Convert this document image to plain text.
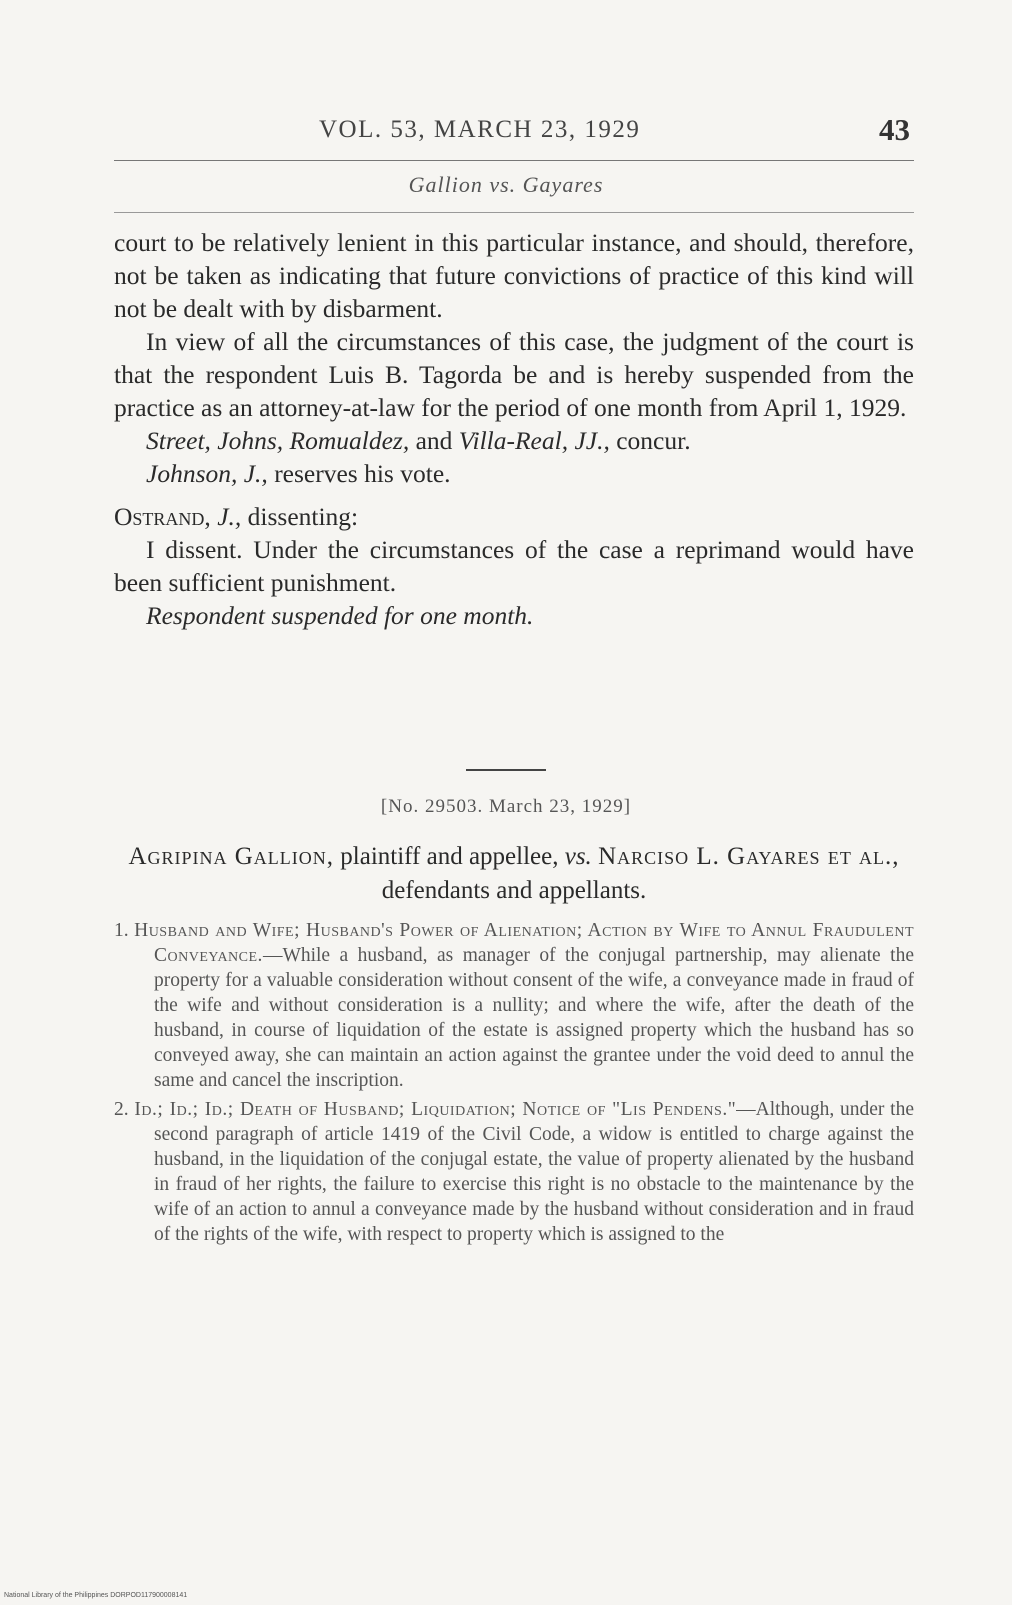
VOL. 53, MARCH 23, 1929	43
Gallion vs. Gayares

court to be relatively lenient in this particular instance, and should, therefore, not be taken as indicating that future convictions of practice of this kind will not be dealt with by disbarment.

In view of all the circumstances of this case, the judgment of the court is that the respondent Luis B. Tagorda be and is hereby suspended from the practice as an attorney-at-law for the period of one month from April 1, 1929.

Street, Johns, Romualdez, and Villa-Real, JJ., concur.

Johnson, J., reserves his vote.

Ostrand, J., dissenting:

I dissent. Under the circumstances of the case a reprimand would have been sufficient punishment.

Respondent suspended for one month.

[No. 29503. March 23, 1929]
Agripina Gallion, plaintiff and appellee, vs. Narciso L. Gayares et al., defendants and appellants.

1. Husband and Wife; Husband's Power of Alienation; Action by Wife to Annul Fraudulent Conveyance.—While a husband, as manager of the conjugal partnership, may alienate the property for a valuable consideration without consent of the wife, a conveyance made in fraud of the wife and without consideration is a nullity; and where the wife, after the death of the husband, in course of liquidation of the estate is assigned property which the husband has so conveyed away, she can maintain an action against the grantee under the void deed to annul the same and cancel the inscription.

2. Id.; Id.; Id.; Death of Husband; Liquidation; Notice of "Lis Pendens."—Although, under the second paragraph of article 1419 of the Civil Code, a widow is entitled to charge against the husband, in the liquidation of the conjugal estate, the value of property alienated by the husband in fraud of her rights, the failure to exercise this right is no obstacle to the maintenance by the wife of an action to annul a conveyance made by the husband without consideration and in fraud of the rights of the wife, with respect to property which is assigned to the

National Library of the Philippines DORPOD117900008141
